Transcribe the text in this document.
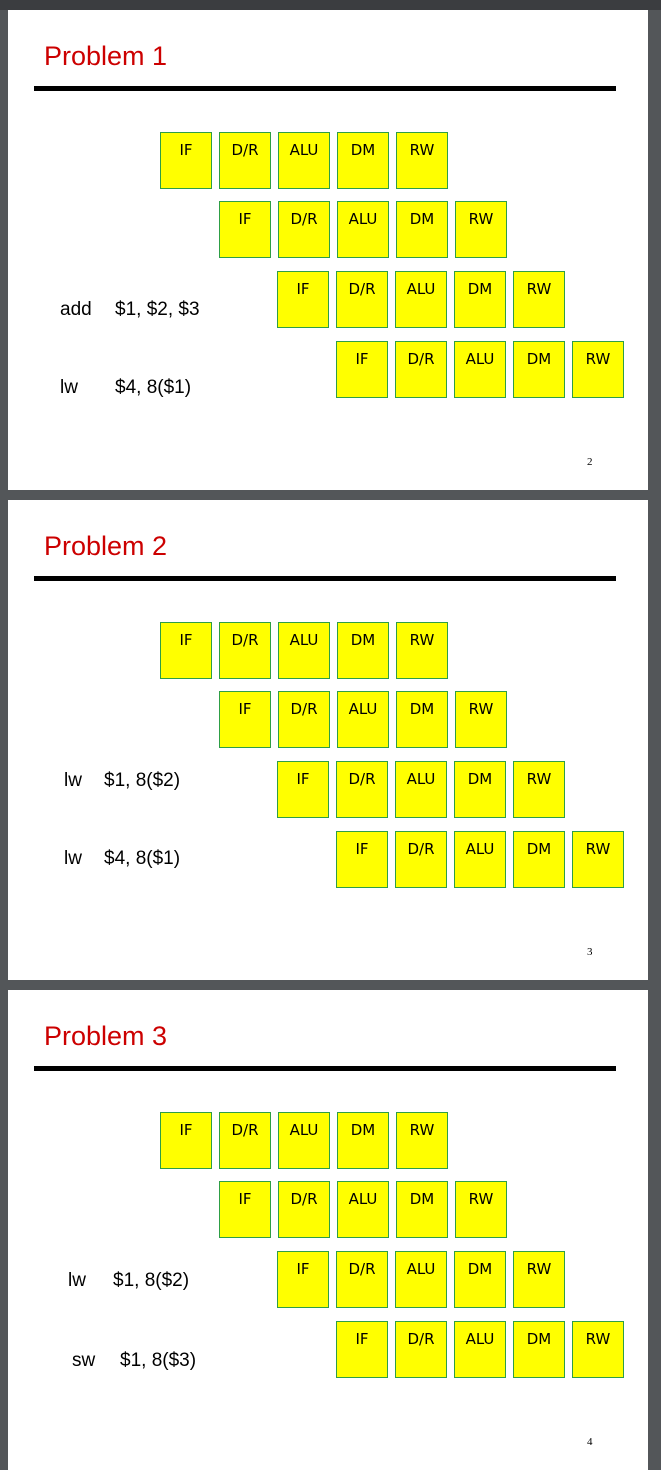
Problem 1
add $1, $2, $3
lw $4, 8($1)
2
IF	D/R	ALU	DM	RW
IF	D/R	ALU	DM	RW
IF	D/R	ALU	DM	RW
IF	D/R	ALU	DM	RW
Problem 2
lw $1, 8($2)
lw $4, 8($1)
3
IF	D/R	ALU	DM	RW
IF	D/R	ALU	DM	RW
IF	D/R	ALU	DM	RW
IF	D/R	ALU	DM	RW
Problem 3
lw $1, 8($2)
sw $1, 8($3)
4
IF	D/R	ALU	DM	RW
IF	D/R	ALU	DM	RW
IF	D/R	ALU	DM	RW
IF	D/R	ALU	DM	RW
